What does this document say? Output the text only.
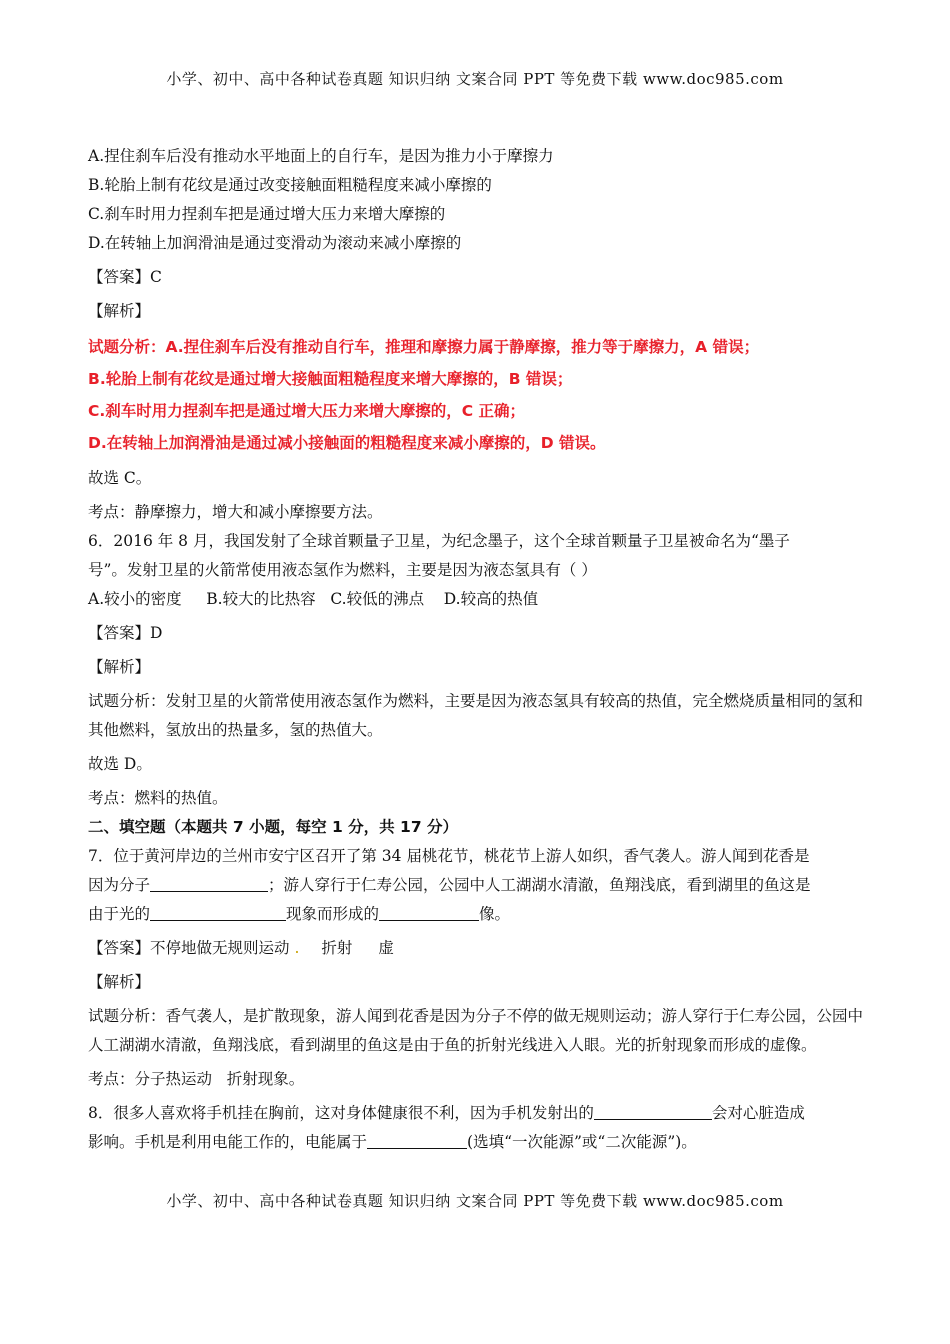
小学、初中、高中各种试卷真题 知识归纳 文案合同 PPT 等免费下载 www.doc985.com

A.捏住刹车后没有推动水平地面上的自行车，是因为推力小于摩擦力

B.轮胎上制有花纹是通过改变接触面粗糙程度来减小摩擦的

C.刹车时用力捏刹车把是通过增大压力来增大摩擦的

D.在转轴上加润滑油是通过变滑动为滚动来减小摩擦的

【答案】C

【解析】

试题分析：A.捏住刹车后没有推动自行车，推理和摩擦力属于静摩擦，推力等于摩擦力，A 错误；

B.轮胎上制有花纹是通过增大接触面粗糙程度来增大摩擦的，B 错误；

C.刹车时用力捏刹车把是通过增大压力来增大摩擦的，C 正确；

D.在转轴上加润滑油是通过减小接触面的粗糙程度来减小摩擦的，D 错误。

故选 C。

考点：静摩擦力，增大和减小摩擦要方法。

6．2016 年 8 月，我国发射了全球首颗量子卫星，为纪念墨子，这个全球首颗量子卫星被命名为“墨子

号”。发射卫星的火箭常使用液态氢作为燃料，主要是因为液态氢具有（ ）

A.较小的密度     B.较大的比热容   C.较低的沸点    D.较高的热值

【答案】D

【解析】

试题分析：发射卫星的火箭常使用液态氢作为燃料，主要是因为液态氢具有较高的热值，完全燃烧质量相同的氢和其他燃料，氢放出的热量多，氢的热值大。

故选 D。

考点：燃料的热值。

二、填空题（本题共 7 小题，每空 1 分，共 17 分）

7．位于黄河岸边的兰州市安宁区召开了第 34 届桃花节，桃花节上游人如织，香气袭人。游人闻到花香是

因为分子	；游人穿行于仁寿公园，公园中人工湖湖水清澈，鱼翔浅底，看到湖里的鱼这是

由于光的	现象而形成的	像。

【答案】不停地做无规则运动 . 折射 虚

【解析】

试题分析：香气袭人，是扩散现象，游人闻到花香是因为分子不停的做无规则运动；游人穿行于仁寿公园，公园中人工湖湖水清澈，鱼翔浅底，看到湖里的鱼这是由于鱼的折射光线进入人眼。光的折射现象而形成的虚像。

考点：分子热运动   折射现象。

8．很多人喜欢将手机挂在胸前，这对身体健康很不利，因为手机发射出的	会对心脏造成

影响。手机是利用电能工作的，电能属于	(选填“一次能源”或“二次能源”)。

小学、初中、高中各种试卷真题 知识归纳 文案合同 PPT 等免费下载 www.doc985.com
